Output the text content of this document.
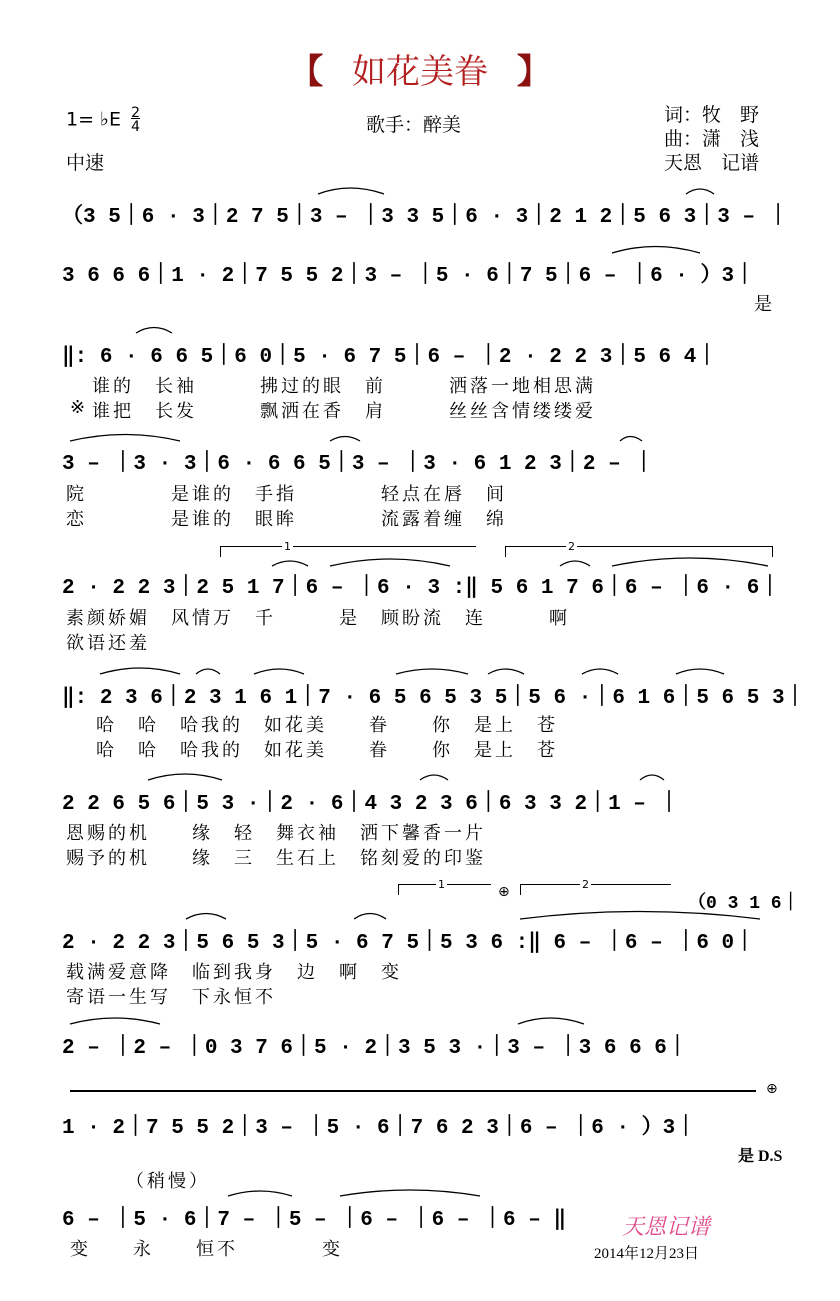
【 如花美眷 】
1= ♭E $\frac{2}{4}$	歌手：醉美	词：牧　野
曲：潇　浅
天恩　记谱
中速
（3 5｜6 · 3｜2 7 5｜3 – ｜3 3 5｜6 · 3｜2 1 2｜5 6 3｜3 – ｜
3 6 6 6｜1 · 2｜7 5 5 2｜3 – ｜5 · 6｜7 5｜6 – ｜6 · ）3｜
是
‖: 6 · 6 6 5｜6 0｜5 · 6 7 5｜6 – ｜2 · 2 2 3｜5 6 4｜
谁的　长袖　　　拂过的眼　前　　　洒落一地相思满
※ 谁把　长发　　　飘洒在香　肩　　　丝丝含情缕缕爱
3 – ｜3 · 3｜6 · 6 6 5｜3 – ｜3 · 6 1 2 3｜2 – ｜
院　　　　是谁的　手指　　　　轻点在唇　间
恋　　　　是谁的　眼眸　　　　流露着缠　绵
1	2
2 · 2 2 3｜2 5 1 7｜6 – ｜6 · 3 :‖ 5 6 1 7 6｜6 – ｜6 · 6｜
素颜娇媚　风情万　千　　　是　顾盼流　连　　　啊
欲语还羞
‖: 2 3 6｜2 3 1 6 1｜7 · 6 5 6 5 3 5｜5 6 ·｜6 1 6｜5 6 5 3｜
哈　哈　哈我的　如花美　　眷　　你　是上　苍
哈　哈　哈我的　如花美　　眷　　你　是上　苍
2 2 6 5 6｜5 3 ·｜2 · 6｜4 3 2 3 6｜6 3 3 2｜1 – ｜
恩赐的机　　缘　轻　舞衣袖　洒下馨香一片
赐予的机　　缘　三　生石上　铭刻爱的印鉴
1	⊕	2
（0 3 1 6｜
2 · 2 2 3｜5 6 5 3｜5 · 6 7 5｜5 3 6 :‖ 6 – ｜6 – ｜6 0｜
载满爱意降　临到我身　边　啊　变
寄语一生写　下永恒不
2 – ｜2 – ｜0 3 7 6｜5 · 2｜3 5 3 ·｜3 – ｜3 6 6 6｜
⊕
1 · 2｜7 5 5 2｜3 – ｜5 · 6｜7 6 2 3｜6 – ｜6 · ）3｜
是 D.S
（稍慢）
6 – ｜5 · 6｜7 – ｜5 – ｜6 – ｜6 – ｜6 – ‖
变　　永　　恒不　　　　变
天恩记谱
2014年12月23日
